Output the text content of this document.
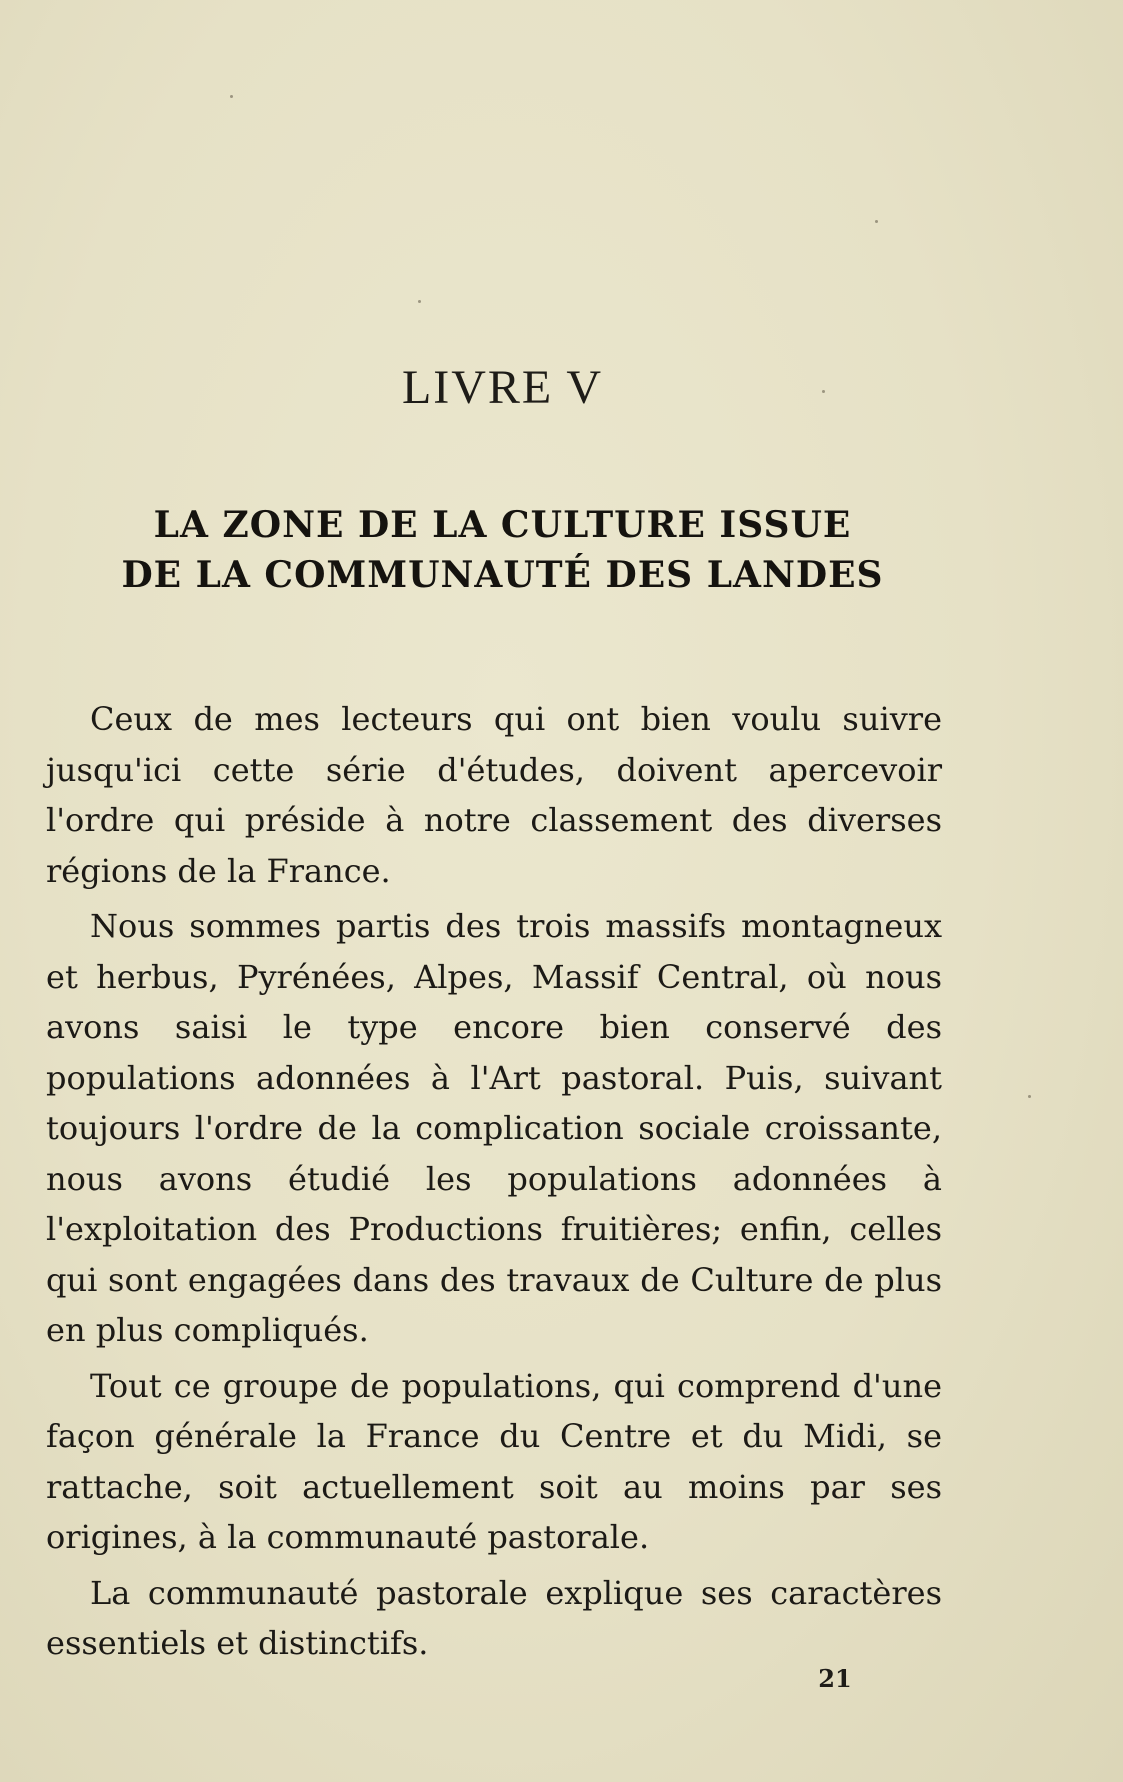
LIVRE V
LA ZONE DE LA CULTURE ISSUE
DE LA COMMUNAUTÉ DES LANDES

Ceux de mes lecteurs qui ont bien voulu suivre jusqu'ici cette série d'études, doivent apercevoir l'ordre qui préside à notre classement des diverses régions de la France.

Nous sommes partis des trois massifs montagneux et herbus, Pyrénées, Alpes, Massif Central, où nous avons saisi le type encore bien conservé des populations adonnées à l'Art pastoral. Puis, suivant toujours l'ordre de la complication sociale croissante, nous avons étudié les populations adonnées à l'exploitation des Productions fruitières; enfin, celles qui sont engagées dans des travaux de Culture de plus en plus compliqués.

Tout ce groupe de populations, qui comprend d'une façon générale la France du Centre et du Midi, se rattache, soit actuellement soit au moins par ses origines, à la communauté pastorale.

La communauté pastorale explique ses caractères essentiels et distinctifs.

21
